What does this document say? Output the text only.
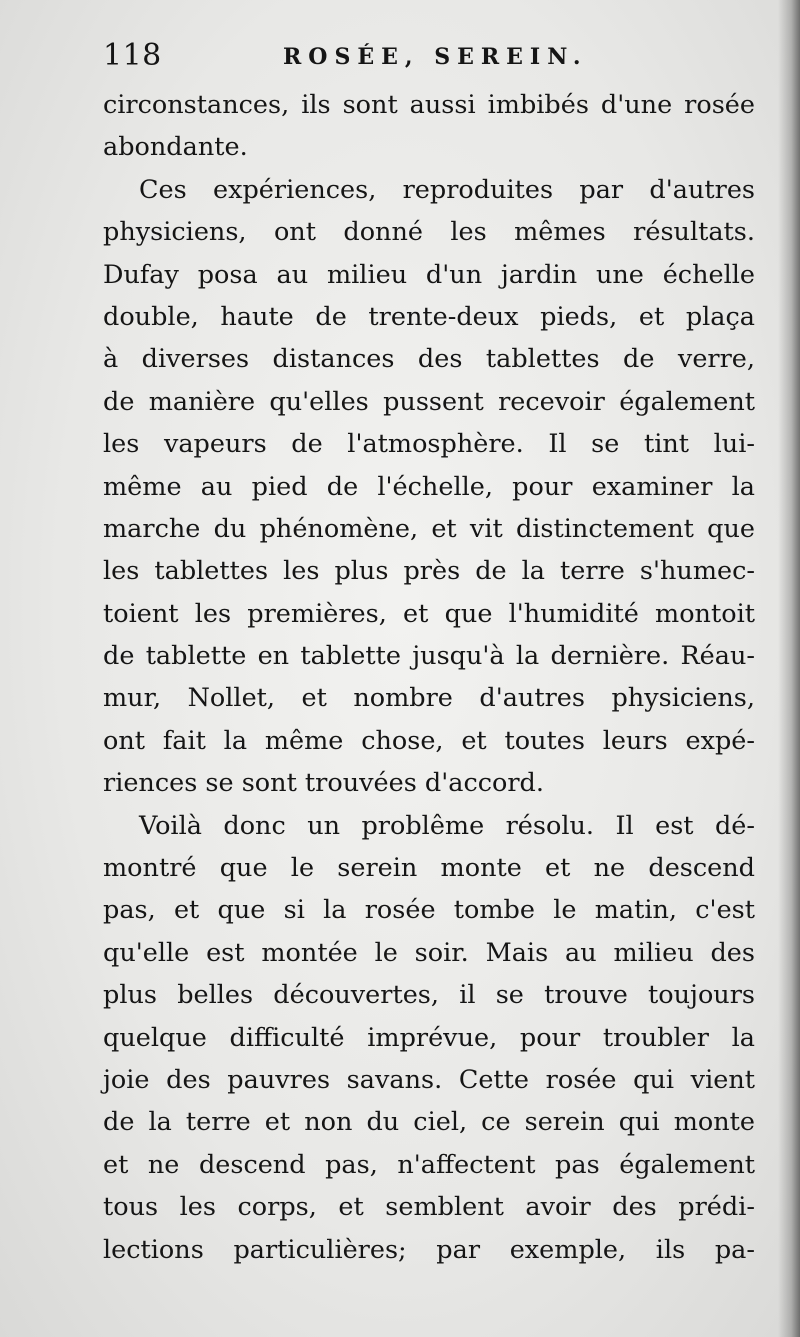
118	ROSÉE, SEREIN.
circonstances, ils sont aussi imbibés d'une rosée
abondante.
Ces expériences, reproduites par d'autres
physiciens, ont donné les mêmes résultats.
Dufay posa au milieu d'un jardin une échelle
double, haute de trente-deux pieds, et plaça
à diverses distances des tablettes de verre,
de manière qu'elles pussent recevoir également
les vapeurs de l'atmosphère. Il se tint lui-
même au pied de l'échelle, pour examiner la
marche du phénomène, et vit distinctement que
les tablettes les plus près de la terre s'humec-
toient les premières, et que l'humidité montoit
de tablette en tablette jusqu'à la dernière. Réau-
mur, Nollet, et nombre d'autres physiciens,
ont fait la même chose, et toutes leurs expé-
riences se sont trouvées d'accord.
Voilà donc un problême résolu. Il est dé-
montré que le serein monte et ne descend
pas, et que si la rosée tombe le matin, c'est
qu'elle est montée le soir. Mais au milieu des
plus belles découvertes, il se trouve toujours
quelque difficulté imprévue, pour troubler la
joie des pauvres savans. Cette rosée qui vient
de la terre et non du ciel, ce serein qui monte
et ne descend pas, n'affectent pas également
tous les corps, et semblent avoir des prédi-
lections particulières; par exemple, ils pa-
